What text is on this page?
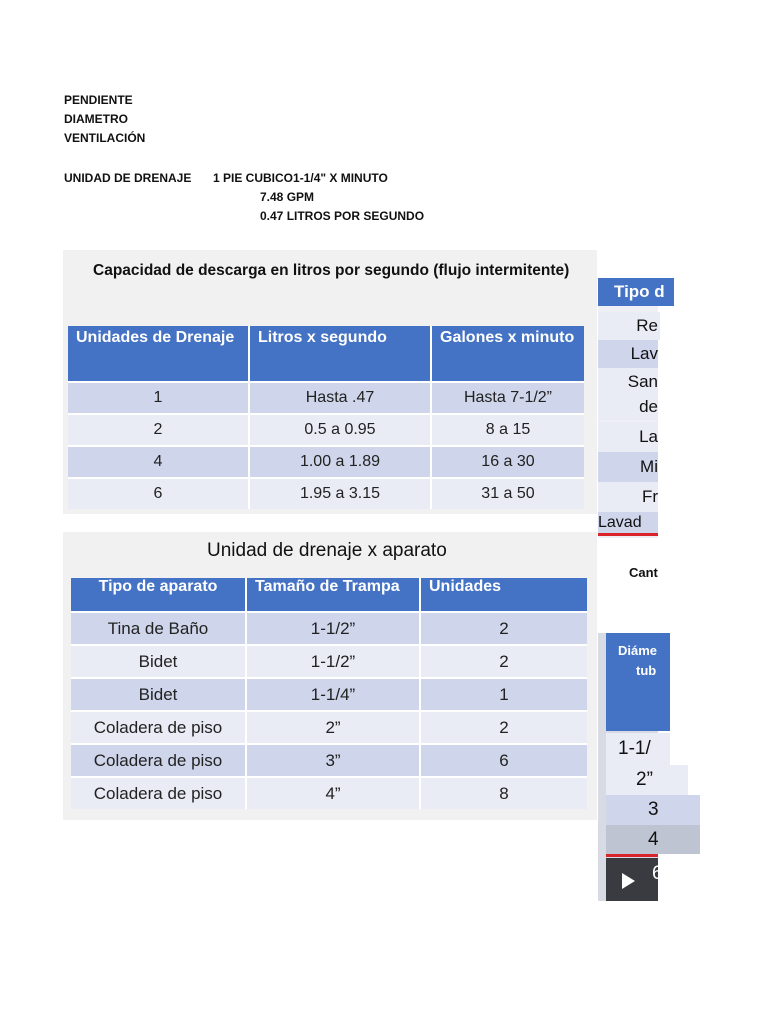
PENDIENTE
DIAMETRO
VENTILACIÓN
UNIDAD DE DRENAJE 1 PIE CUBICO1-1/4" X MINUTO
7.48 GPM
0.47 LITROS POR SEGUNDO
Capacidad de descarga en litros por segundo (flujo intermitente)
Unidades de Drenaje	Litros x segundo	Galones x minuto
1	Hasta .47	Hasta 7-1/2”
2	0.5 a 0.95	8 a 15
4	1.00 a 1.89	16 a 30
6	1.95 a 3.15	31 a 50
Unidad de drenaje x aparato
Tipo de aparato	Tamaño de Trampa	Unidades
Tina de Baño	1-1/2”	2
Bidet	1-1/2”	2
Bidet	1-1/4”	1
Coladera de piso	2”	2
Coladera de piso	3”	6
Coladera de piso	4”	8
Tipo d
Re
Lav
San
de
La
Mi
Fr
Lavad
Cant
Diáme
tub
1-1/
2”
3
4
6
